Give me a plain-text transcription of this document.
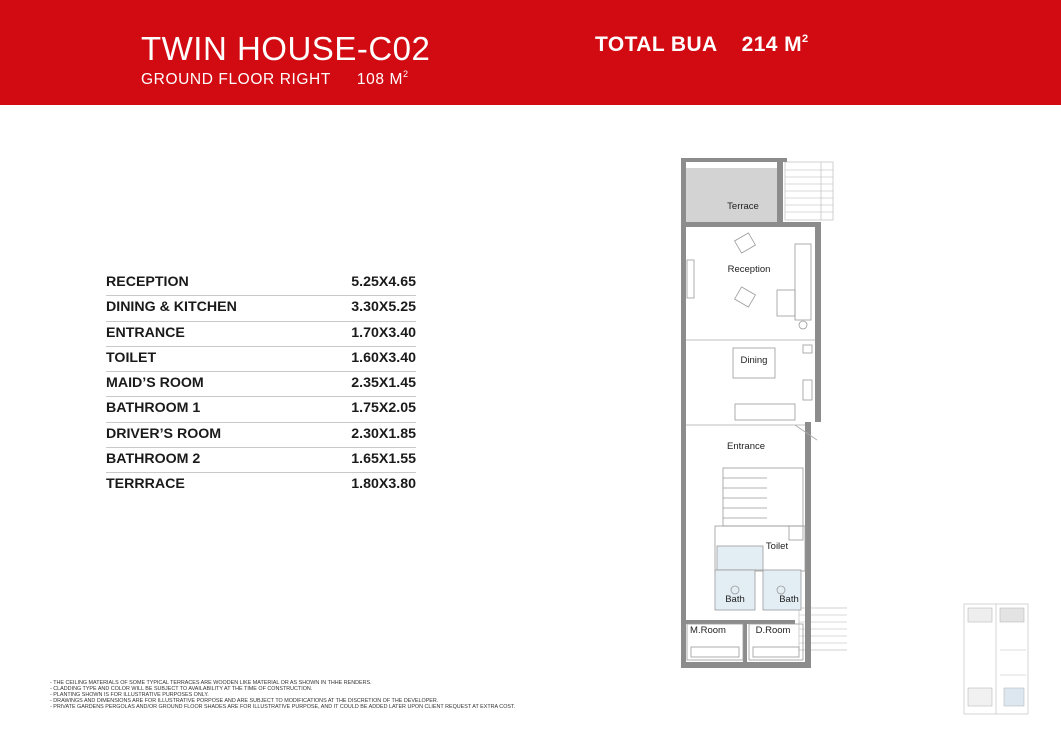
TWIN HOUSE-C02
GROUND FLOOR RIGHT 108 $M^2$
TOTAL BUA 214 $M^2$
RECEPTION	5.25X4.65
DINING & KITCHEN	3.30X5.25
ENTRANCE	1.70X3.40
TOILET	1.60X3.40
MAID’S ROOM	2.35X1.45
BATHROOM 1	1.75X2.05
DRIVER’S ROOM	2.30X1.85
BATHROOM 2	1.65X1.55
TERRRACE	1.80X3.80
Terrace
Reception
Dining
Entrance
Toilet
Bath	Bath
M.Room	D.Room
- THE CEILING MATERIALS OF SOME TYPICAL TERRACES ARE WOODEN LIKE MATERIAL OR AS SHOWN IN THHE RENDERS.
- CLADDING TYPE AND COLOR WILL BE SUBJECT TO AVAILABILITY AT THE TIME OF CONSTRUCTION.
- PLANTING SHOWN IS FOR ILLUSTRATIVE PURPOSES ONLY.
- DRAWINGS AND DIMENSIONS ARE FOR ILLUSTRATIVE PORPOSE AND ARE SUBJECT TO MODIFICATIONS AT THE DISCRETION OF THE DEVELOPER.
- PRIVATE GARDENS PERGOLAS AND/OR GROUND FLOOR SHADES ARE FOR ILLUSTRATIVE PURPOSE, AND IT COULD BE ADDED LATER UPON CLIENT REQUEST AT EXTRA COST.
